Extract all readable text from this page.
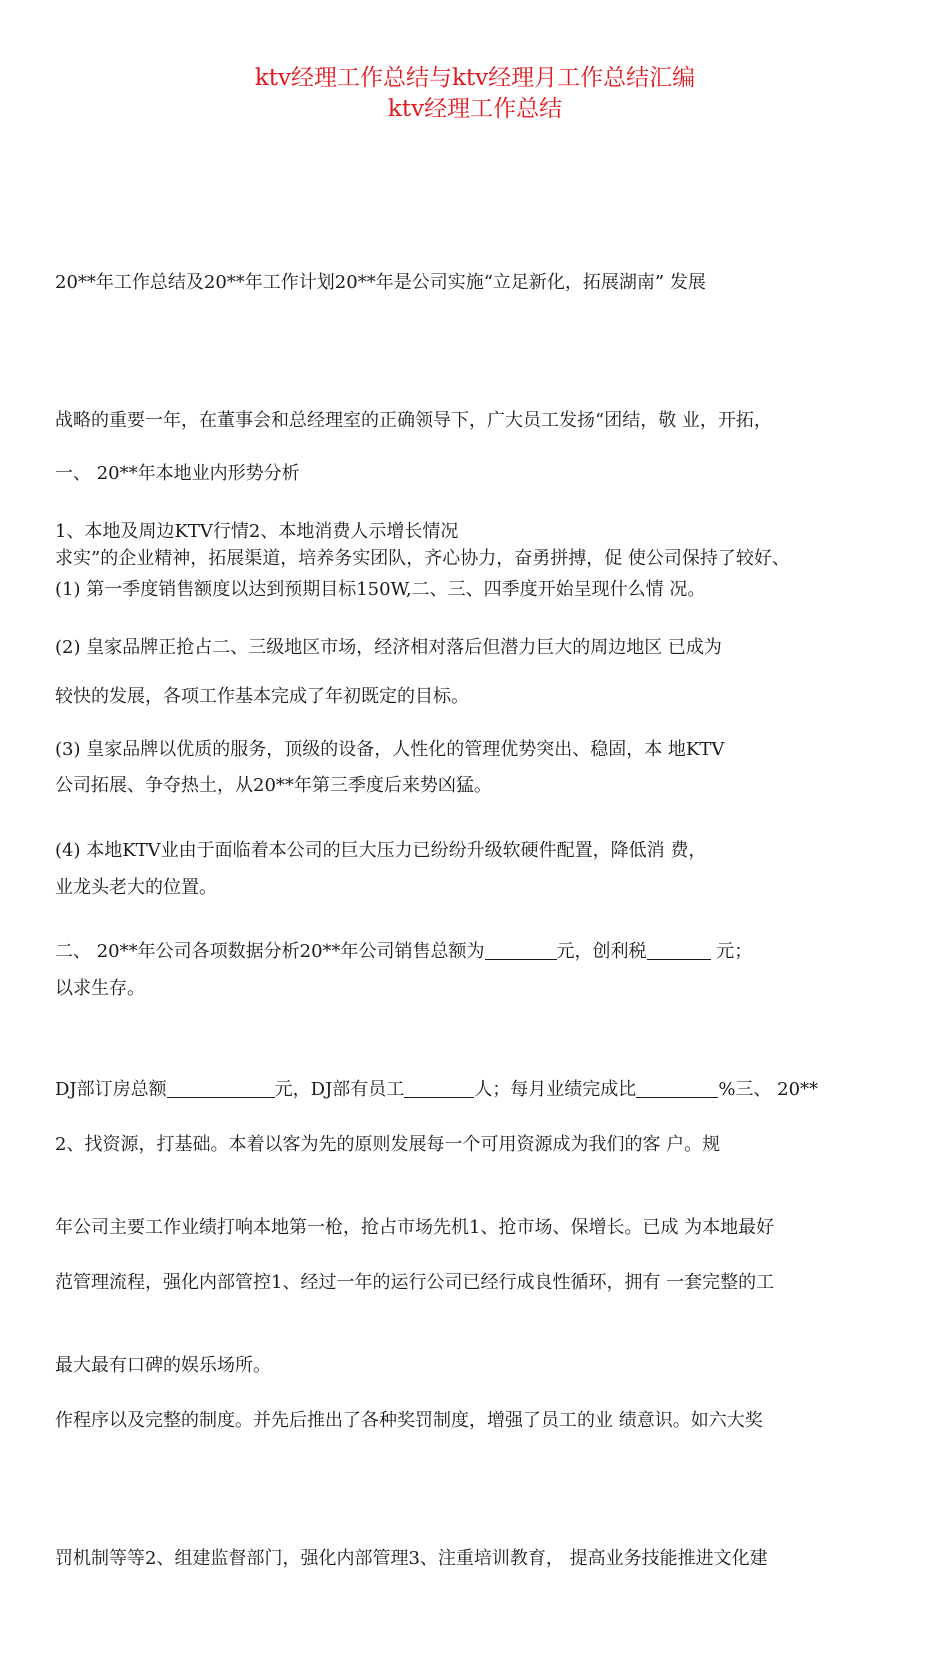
ktv经理工作总结与ktv经理月工作总结汇编
ktv经理工作总结

20**年工作总结及20**年工作计划20**年是公司实施“立足新化，拓展湖南” 发展

战略的重要一年，在董事会和总经理室的正确领导下，广大员工发扬“团结，敬 业，开拓，

求实”的企业精神，拓展渠道，培养务实团队，齐心协力，奋勇拼搏，促 使公司保持了较好、

较快的发展，各项工作基本完成了年初既定的目标。

一、 20**年本地业内形势分析

1、本地及周边KTV行情2、本地消费人示增长情况

(1) 第一季度销售额度以达到预期目标150W,二、三、四季度开始呈现什么情 况。

(2) 皇家品牌正抢占二、三级地区市场，经济相对落后但潜力巨大的周边地区 已成为

公司拓展、争夺热土，从20**年第三季度后来势凶猛。

(3) 皇家品牌以优质的服务，顶级的设备，人性化的管理优势突出、稳固，本 地KTV

业龙头老大的位置。

(4) 本地KTV业由于面临着本公司的巨大压力已纷纷升级软硬件配置，降低消 费，

以求生存。

二、 20**年公司各项数据分析20**年公司销售总额为	元，创利税	元；

DJ部订房总额	元，DJ部有员工	人；每月业绩完成比	%三、 20**

年公司主要工作业绩打响本地第一枪，抢占市场先机1、抢市场、保增长。已成 为本地最好

最大最有口碑的娱乐场所。

2、找资源，打基础。本着以客为先的原则发展每一个可用资源成为我们的客 户。规

范管理流程，强化内部管控1、经过一年的运行公司已经行成良性循环，拥有 一套完整的工

作程序以及完整的制度。并先后推出了各种奖罚制度，增强了员工的业 绩意识。如六大奖

罚机制等等2、组建监督部门，强化内部管理3、注重培训教育， 提高业务技能推进文化建
